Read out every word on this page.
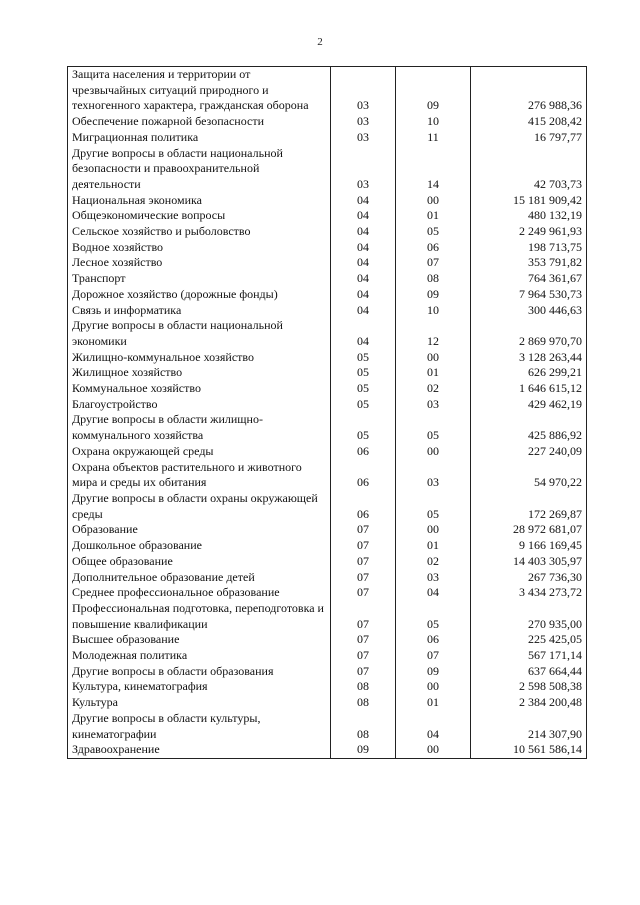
2
Защита населения и территории от чрезвычайных ситуаций природного и техногенного характера, гражданская оборона	03	09	276 988,36
Обеспечение пожарной безопасности	03	10	415 208,42
Миграционная политика	03	11	16 797,77
Другие вопросы в области национальной безопасности и правоохранительной деятельности	03	14	42 703,73
Национальная экономика	04	00	15 181 909,42
Общеэкономические вопросы	04	01	480 132,19
Сельское хозяйство и рыболовство	04	05	2 249 961,93
Водное хозяйство	04	06	198 713,75
Лесное хозяйство	04	07	353 791,82
Транспорт	04	08	764 361,67
Дорожное хозяйство (дорожные фонды)	04	09	7 964 530,73
Связь и информатика	04	10	300 446,63
Другие вопросы в области национальной экономики	04	12	2 869 970,70
Жилищно-коммунальное хозяйство	05	00	3 128 263,44
Жилищное хозяйство	05	01	626 299,21
Коммунальное хозяйство	05	02	1 646 615,12
Благоустройство	05	03	429 462,19
Другие вопросы в области жилищно-коммунального хозяйства	05	05	425 886,92
Охрана окружающей среды	06	00	227 240,09
Охрана объектов растительного и животного мира и среды их обитания	06	03	54 970,22
Другие вопросы в области охраны окружающей среды	06	05	172 269,87
Образование	07	00	28 972 681,07
Дошкольное образование	07	01	9 166 169,45
Общее образование	07	02	14 403 305,97
Дополнительное образование детей	07	03	267 736,30
Среднее профессиональное образование	07	04	3 434 273,72
Профессиональная подготовка, переподготовка и повышение квалификации	07	05	270 935,00
Высшее образование	07	06	225 425,05
Молодежная политика	07	07	567 171,14
Другие вопросы в области образования	07	09	637 664,44
Культура, кинематография	08	00	2 598 508,38
Культура	08	01	2 384 200,48
Другие вопросы в области культуры, кинематографии	08	04	214 307,90
Здравоохранение	09	00	10 561 586,14
